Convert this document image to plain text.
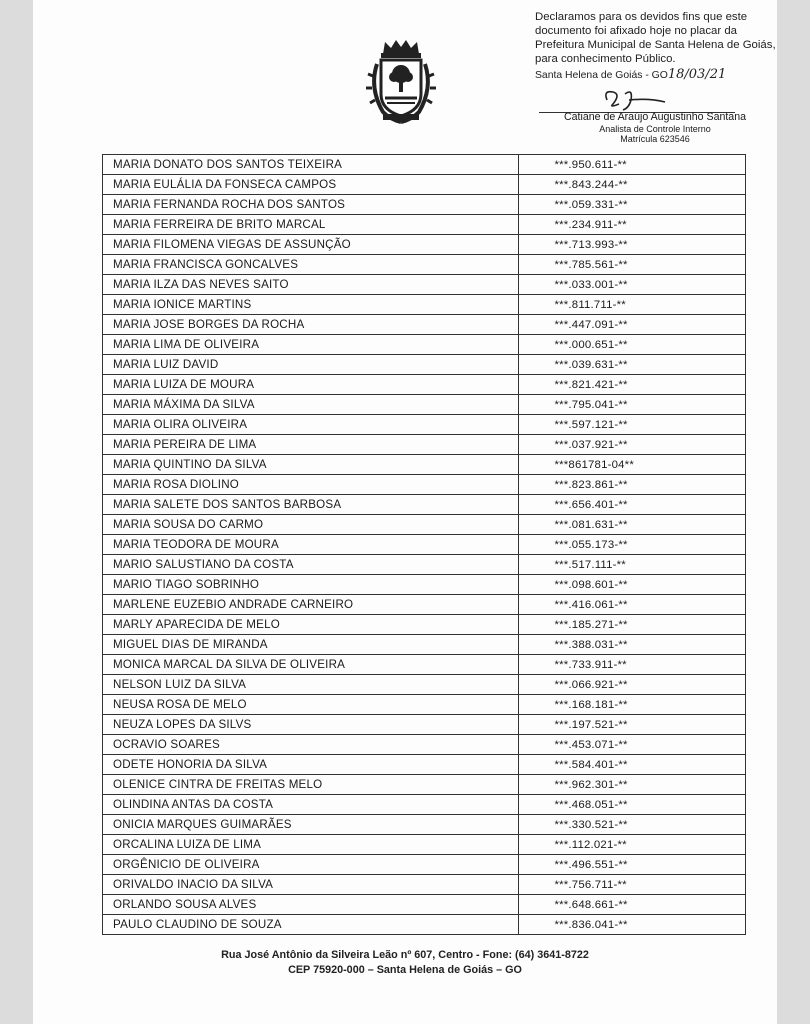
Declaramos para os devidos fins que este
documento foi afixado hoje no placar da
Prefeitura Municipal de Santa Helena de Goiás,
para conhecimento Público.
Santa Helena de Goiás - GO18/03/21
Catiane de Araújo Augustinho Santana
Analista de Controle Interno
Matrícula 623546
MARIA DONATO DOS SANTOS TEIXEIRA	***.950.611-**
MARIA EULÁLIA DA FONSECA CAMPOS	***.843.244-**
MARIA FERNANDA ROCHA DOS SANTOS	***.059.331-**
MARIA FERREIRA DE BRITO MARCAL	***.234.911-**
MARIA FILOMENA VIEGAS DE ASSUNÇÃO	***.713.993-**
MARIA FRANCISCA GONCALVES	***.785.561-**
MARIA ILZA DAS NEVES SAITO	***.033.001-**
MARIA IONICE MARTINS	***.811.711-**
MARIA JOSE BORGES DA ROCHA	***.447.091-**
MARIA LIMA DE OLIVEIRA	***.000.651-**
MARIA LUIZ DAVID	***.039.631-**
MARIA LUIZA DE MOURA	***.821.421-**
MARIA MÁXIMA DA SILVA	***.795.041-**
MARIA OLIRA OLIVEIRA	***.597.121-**
MARIA PEREIRA DE LIMA	***.037.921-**
MARIA QUINTINO DA SILVA	***861781-04**
MARIA ROSA DIOLINO	***.823.861-**
MARIA SALETE DOS SANTOS BARBOSA	***.656.401-**
MARIA SOUSA DO CARMO	***.081.631-**
MARIA TEODORA DE MOURA	***.055.173-**
MARIO SALUSTIANO DA COSTA	***.517.111-**
MARIO TIAGO SOBRINHO	***.098.601-**
MARLENE EUZEBIO ANDRADE CARNEIRO	***.416.061-**
MARLY APARECIDA DE MELO	***.185.271-**
MIGUEL DIAS DE MIRANDA	***.388.031-**
MONICA MARCAL DA SILVA DE OLIVEIRA	***.733.911-**
NELSON LUIZ DA SILVA	***.066.921-**
NEUSA ROSA DE MELO	***.168.181-**
NEUZA LOPES DA SILVS	***.197.521-**
OCRAVIO SOARES	***.453.071-**
ODETE HONORIA DA SILVA	***.584.401-**
OLENICE CINTRA DE FREITAS MELO	***.962.301-**
OLINDINA ANTAS DA COSTA	***.468.051-**
ONICIA MARQUES GUIMARÃES	***.330.521-**
ORCALINA LUIZA DE LIMA	***.112.021-**
ORGÊNICIO DE OLIVEIRA	***.496.551-**
ORIVALDO INACIO DA SILVA	***.756.711-**
ORLANDO SOUSA ALVES	***.648.661-**
PAULO CLAUDINO DE SOUZA	***.836.041-**
Rua José Antônio da Silveira Leão nº 607, Centro - Fone: (64) 3641-8722
CEP 75920-000 – Santa Helena de Goiás – GO
